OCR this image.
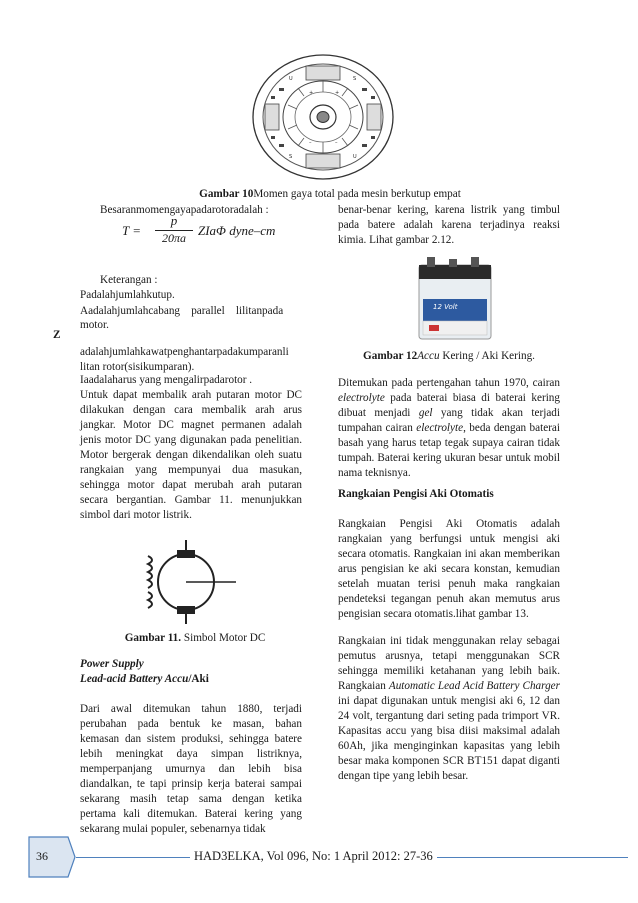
U	S
S	U
+
+
–
–
Gambar 10Momen gaya total pada mesin berkutup empat
Besaranmomengayapadarotoradalah :
T =
p
20πa ZIaΦ dyne–cm
Keterangan :
Padalahjumlahkutup.
Aadalahjumlahcabang    parallel    lilitanpada
motor.
Z
adalahjumlahkawatpenghantarpadakumparanli
litan rotor(sisikumparan).
Iaadalaharus yang mengalirpadarotor .

Untuk dapat membalik arah putaran motor DC dilakukan dengan cara membalik arah arus jangkar. Motor DC magnet permanen adalah jenis motor DC yang digunakan pada penelitian. Motor bergerak dengan dikendalikan oleh suatu rangkaian yang mempunyai dua masukan, sehingga motor dapat merubah arah putaran secara bergantian. Gambar 11. menunjukkan simbol dari motor listrik.

Gambar 11. Simbol Motor DC
Power Supply
Lead-acid Battery Accu/Aki

Dari awal ditemukan tahun 1880, terjadi perubahan pada bentuk ke masan, bahan kemasan dan sistem produksi, sehingga batere lebih meningkat daya simpan listriknya, memperpanjang umurnya dan lebih bisa diandalkan, te tapi prinsip kerja baterai sampai sekarang masih tetap sama dengan ketika pertama kali ditemukan. Baterai kering yang sekarang mulai populer, sebenarnya tidak

benar-benar kering, karena listrik yang timbul pada batere adalah karena terjadinya reaksi kimia. Lihat gambar 2.12.

12 Volt
Gambar 12Accu Kering / Aki Kering.

Ditemukan pada pertengahan tahun 1970, cairan electrolyte pada baterai biasa di baterai kering dibuat menjadi gel yang tidak akan terjadi tumpahan cairan electrolyte, beda dengan baterai basah yang harus tetap tegak supaya cairan tidak tumpah. Baterai kering ukuran besar untuk mobil nama teknisnya.

Rangkaian Pengisi Aki Otomatis

Rangkaian Pengisi Aki Otomatis adalah rangkaian yang berfungsi untuk mengisi aki secara otomatis. Rangkaian ini akan memberikan arus pengisian ke aki secara konstan, kemudian setelah muatan terisi penuh maka rangkaian pendeteksi tegangan penuh akan memutus arus pengisian secara otomatis.lihat gambar 13.

Rangkaian ini tidak menggunakan relay sebagai pemutus arusnya, tetapi menggunakan SCR sehingga memiliki ketahanan yang lebih baik. Rangkaian Automatic Lead Acid Battery Charger ini dapat digunakan untuk mengisi aki 6, 12 dan 24 volt, tergantung dari seting pada trimport VR. Kapasitas accu yang bisa diisi maksimal adalah 60Ah, jika menginginkan kapasitas yang lebih besar maka komponen SCR BT151 dapat diganti dengan tipe yang lebih besar.

36	HAD3ELKA, Vol 096, No: 1 April 2012: 27-36
